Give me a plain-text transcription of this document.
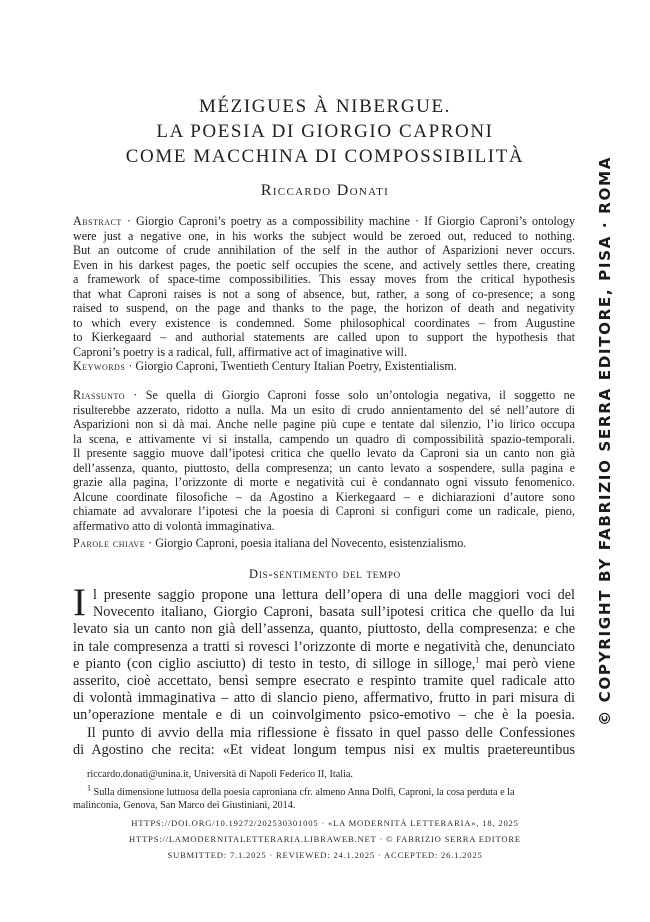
MÉZIGUES À NIBERGUE.
LA POESIA DI GIORGIO CAPRONI
COME MACCHINA DI COMPOSSIBILITÀ
Riccardo Donati
Abstract · Giorgio Caproni’s poetry as a compossibility machine · If Giorgio Caproni’s ontology
were just a negative one, in his works the subject would be zeroed out, reduced to nothing.
But an outcome of crude annihilation of the self in the author of Asparizioni never occurs.
Even in his darkest pages, the poetic self occupies the scene, and actively settles there, creating
a framework of space-time compossibilities. This essay moves from the critical hypothesis
that what Caproni raises is not a song of absence, but, rather, a song of co-presence; a song
raised to suspend, on the page and thanks to the page, the horizon of death and negativity
to which every existence is condemned. Some philosophical coordinates – from Augustine
to Kierkegaard – and authorial statements are called upon to support the hypothesis that
Caproni’s poetry is a radical, full, affirmative act of imaginative will.
Keywords · Giorgio Caproni, Twentieth Century Italian Poetry, Existentialism.
Riassunto · Se quella di Giorgio Caproni fosse solo un’ontologia negativa, il soggetto ne
risulterebbe azzerato, ridotto a nulla. Ma un esito di crudo annientamento del sé nell’autore di
Asparizioni non si dà mai. Anche nelle pagine più cupe e tentate dal silenzio, l’io lirico occupa
la scena, e attivamente vi si installa, campendo un quadro di compossibilità spazio-temporali.
Il presente saggio muove dall’ipotesi critica che quello levato da Caproni sia un canto non già
dell’assenza, quanto, piuttosto, della compresenza; un canto levato a sospendere, sulla pagina e
grazie alla pagina, l’orizzonte di morte e negatività cui è condannato ogni vissuto fenomenico.
Alcune coordinate filosofiche – da Agostino a Kierkegaard – e dichiarazioni d’autore sono
chiamate ad avvalorare l’ipotesi che la poesia di Caproni si configuri come un radicale, pieno,
affermativo atto di volontà immaginativa.
Parole chiave · Giorgio Caproni, poesia italiana del Novecento, esistenzialismo.
Dis-sentimento del tempo
I l presente saggio propone una lettura dell’opera di una delle maggiori voci del
Novecento italiano, Giorgio Caproni, basata sull’ipotesi critica che quello da lui
levato sia un canto non già dell’assenza, quanto, piuttosto, della compresenza: e che
in tale compresenza a tratti si rovesci l’orizzonte di morte e negatività che, denunciato
e pianto (con ciglio asciutto) di testo in testo, di silloge in silloge,$^1$ mai però viene
asserito, cioè accettato, bensì sempre esecrato e respinto tramite quel radicale atto
di volontà immaginativa – atto di slancio pieno, affermativo, frutto in pari misura di
un’operazione mentale e di un coinvolgimento psico-emotivo – che è la poesia.
Il punto di avvio della mia riflessione è fissato in quel passo delle Confessiones
di Agostino che recita: «Et videat longum tempus nisi ex multis praetereuntibus
riccardo.donati@unina.it, Università di Napoli Federico II, Italia.
$^1$ Sulla dimensione luttuosa della poesia caproniana cfr. almeno Anna Dolfi, Caproni, la cosa perduta e la
malinconia, Genova, San Marco dei Giustiniani, 2014.
HTTPS://DOI.ORG/10.19272/202530301005 · «LA MODERNITÀ LETTERARIA», 18, 2025
HTTPS://LAMODERNITALETTERARIA.LIBRAWEB.NET · © FABRIZIO SERRA EDITORE
SUBMITTED: 7.1.2025 · REVIEWED: 24.1.2025 · ACCEPTED: 26.1.2025
© COPYRIGHT BY FABRIZIO SERRA EDITORE, PISA · ROMA
